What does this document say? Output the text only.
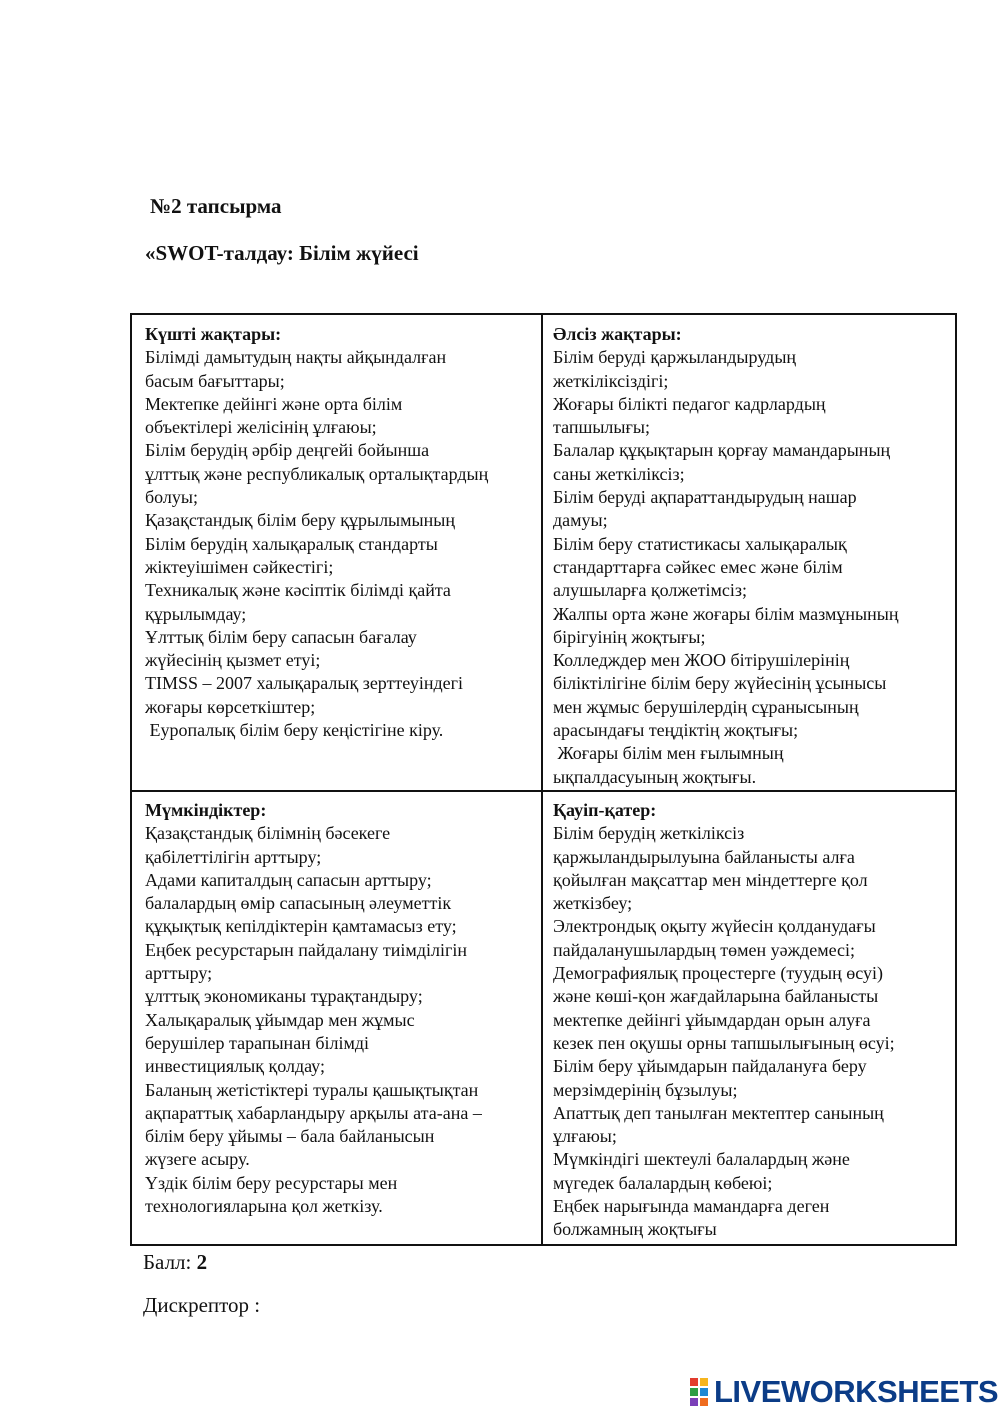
№2 тапсырма
«SWOT-талдау: Білім жүйесі
Күшті жақтары:
Білімді дамытудың нақты айқындалған
басым бағыттары;
Мектепке дейінгі және орта білім
объектілері желісінің ұлғаюы;
Білім берудің әрбір деңгейі бойынша
ұлттық және республикалық орталықтардың
болуы;
Қазақстандық білім беру құрылымының
Білім берудің халықаралық стандарты
жіктеуішімен сәйкестігі;
Техникалық және кәсіптік білімді қайта
құрылымдау;
Ұлттық білім беру сапасын бағалау
жүйесінің қызмет етуі;
TIMSS – 2007 халықаралық зерттеуіндегі
жоғары көрсеткіштер;
Еуропалық білім беру кеңістігіне кіру.
Әлсіз жақтары:
Білім беруді қаржыландырудың
жеткіліксіздігі;
Жоғары білікті педагог кадрлардың
тапшылығы;
Балалар құқықтарын қорғау мамандарының
саны жеткіліксіз;
Білім беруді ақпараттандырудың нашар
дамуы;
Білім беру статистикасы халықаралық
стандарттарға сәйкес емес және білім
алушыларға қолжетімсіз;
Жалпы орта және жоғары білім мазмұнының
бірігуінің жоқтығы;
Колледждер мен ЖОО бітірушілерінің
біліктілігіне білім беру жүйесінің ұсынысы
мен жұмыс берушілердің сұранысының
арасындағы теңдіктің жоқтығы;
Жоғары білім мен ғылымның
ықпалдасуының жоқтығы.
Мүмкіндіктер:
Қазақстандық білімнің бәсекеге
қабілеттілігін арттыру;
Адами капиталдың сапасын арттыру;
балалардың өмір сапасының әлеуметтік
құқықтық кепілдіктерін қамтамасыз ету;
Еңбек ресурстарын пайдалану тиімділігін
арттыру;
ұлттық экономиканы тұрақтандыру;
Халықаралық ұйымдар мен жұмыс
берушілер тарапынан білімді
инвестициялық қолдау;
Баланың жетістіктері туралы қашықтықтан
ақпараттық хабарландыру арқылы ата-ана –
білім беру ұйымы – бала байланысын
жүзеге асыру.
Үздік білім беру ресурстары мен
технологияларына қол жеткізу.
Қауіп-қатер:
Білім берудің жеткіліксіз
қаржыландырылуына байланысты алға
қойылған мақсаттар мен міндеттерге қол
жеткізбеу;
Электрондық оқыту жүйесін қолданудағы
пайдаланушылардың төмен уәждемесі;
Демографиялық процестерге (туудың өсуі)
және көші-қон жағдайларына байланысты
мектепке дейінгі ұйымдардан орын алуға
кезек пен оқушы орны тапшылығының өсуі;
Білім беру ұйымдарын пайдалануға беру
мерзімдерінің бұзылуы;
Апаттық деп танылған мектептер санының
ұлғаюы;
Мүмкіндігі шектеулі балалардың және
мүгедек балалардың көбеюі;
Еңбек нарығында мамандарға деген
болжамның жоқтығы
Балл: 2
Дискрептор :
LIVEWORKSHEETS
